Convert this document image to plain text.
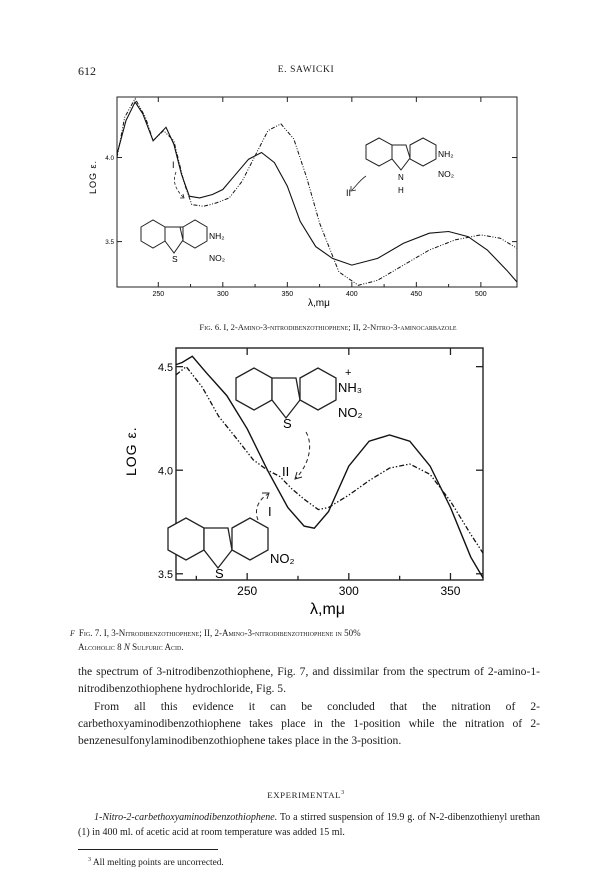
612	E. SAWICKI
250	300	350	400	450	500
4.0
3.5
LOG ε.
λ,mμ
I
II
S
NH₂
NO₂
N
H
NH₂
NO₂
250	300	350
4.5
4.0
3.5
LOG ε.
λ,mμ
II
I
S
NO₂
S
+
NH₃
NO₂
Fig. 6. I, 2-Amino-3-nitrodibenzothiophene; II, 2-Nitro-3-aminocarbazole
F Fig. 7. I, 3-Nitrodibenzothiophene; II, 2-Amino-3-nitrodibenzothiophene in 50%
Alcoholic 8 N Sulfuric Acid.
the spectrum of 3-nitrodibenzothiophene, Fig. 7, and dissimilar from the spectrum of 2-amino-1-nitrodibenzothiophene hydrochloride, Fig. 5.
From all this evidence it can be concluded that the nitration of 2-carbethoxyaminodibenzothiophene takes place in the 1-position while the nitration of 2-benzenesulfonylaminodibenzothiophene takes place in the 3-position.
EXPERIMENTAL$^3$
1-Nitro-2-carbethoxyaminodibenzothiophene. To a stirred suspension of 19.9 g. of N-2-dibenzothienyl urethan (1) in 400 ml. of acetic acid at room temperature was added 15 ml.
$^3$ All melting points are uncorrected.
